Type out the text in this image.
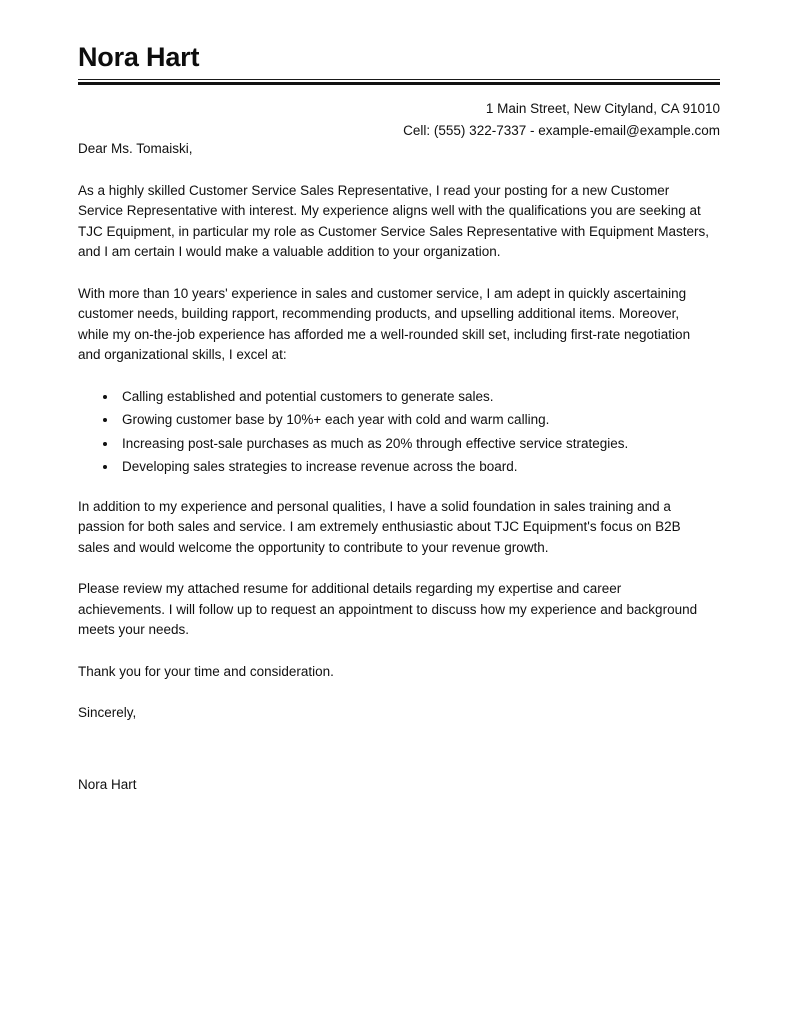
Nora Hart
1 Main Street, New Cityland, CA 91010
Cell: (555) 322-7337 - example-email@example.com

Dear Ms. Tomaiski,

As a highly skilled Customer Service Sales Representative, I read your posting for a new Customer Service Representative with interest. My experience aligns well with the qualifications you are seeking at TJC Equipment, in particular my role as Customer Service Sales Representative with Equipment Masters, and I am certain I would make a valuable addition to your organization.

With more than 10 years' experience in sales and customer service, I am adept in quickly ascertaining customer needs, building rapport, recommending products, and upselling additional items. Moreover, while my on-the-job experience has afforded me a well-rounded skill set, including first-rate negotiation and organizational skills, I excel at:

Calling established and potential customers to generate sales.
Growing customer base by 10%+ each year with cold and warm calling.
Increasing post-sale purchases as much as 20% through effective service strategies.
Developing sales strategies to increase revenue across the board.

In addition to my experience and personal qualities, I have a solid foundation in sales training and a passion for both sales and service. I am extremely enthusiastic about TJC Equipment's focus on B2B sales and would welcome the opportunity to contribute to your revenue growth.

Please review my attached resume for additional details regarding my expertise and career achievements. I will follow up to request an appointment to discuss how my experience and background meets your needs.

Thank you for your time and consideration.

Sincerely,

Nora Hart
